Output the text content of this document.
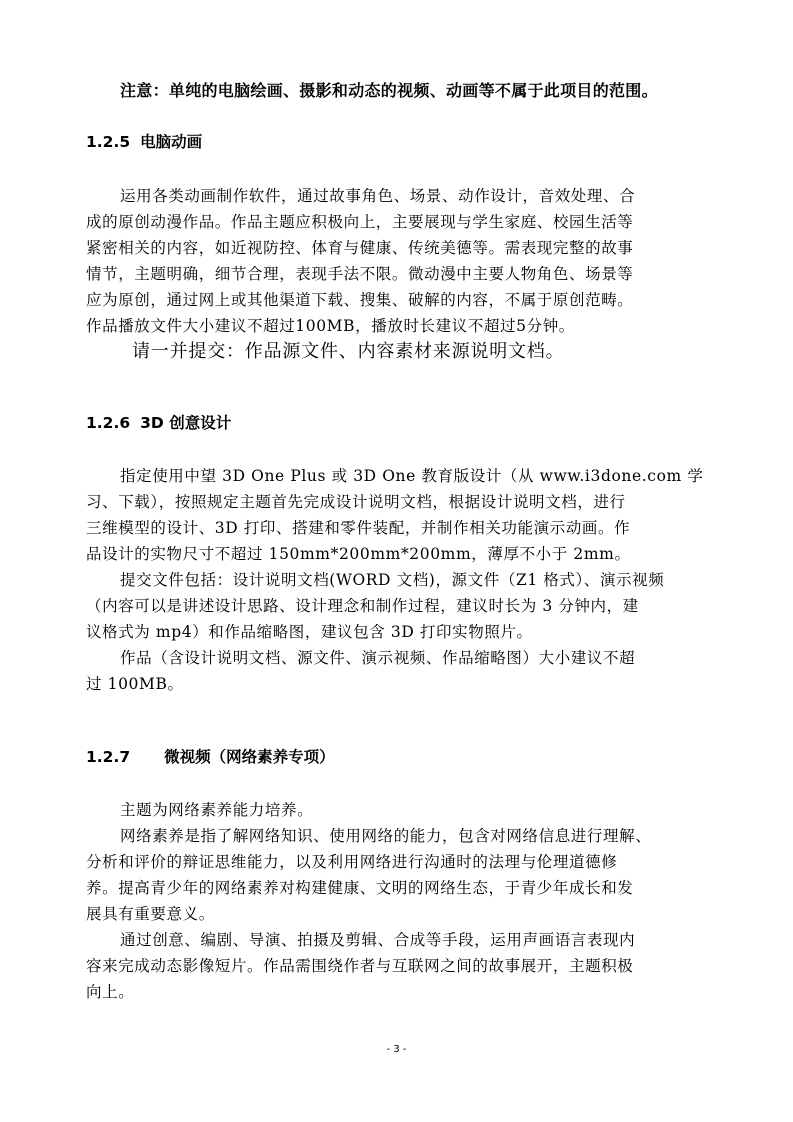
注意：单纯的电脑绘画、摄影和动态的视频、动画等不属于此项目的范围。
1.2.5 电脑动画
运用各类动画制作软件，通过故事角色、场景、动作设计，音效处理、合
成的原创动漫作品。作品主题应积极向上，主要展现与学生家庭、校园生活等
紧密相关的内容，如近视防控、体育与健康、传统美德等。需表现完整的故事
情节，主题明确，细节合理，表现手法不限。微动漫中主要人物角色、场景等
应为原创，通过网上或其他渠道下载、搜集、破解的内容，不属于原创范畴。
作品播放文件大小建议不超过100MB，播放时长建议不超过5分钟。
请一并提交：作品源文件、内容素材来源说明文档。
1.2.6 3D 创意设计
指定使用中望 3D One Plus 或 3D One 教育版设计（从 www.i3done.com 学
习、下载），按照规定主题首先完成设计说明文档，根据设计说明文档，进行
三维模型的设计、3D 打印、搭建和零件装配，并制作相关功能演示动画。作
品设计的实物尺寸不超过 150mm*200mm*200mm，薄厚不小于 2mm。
提交文件包括：设计说明文档(WORD 文档)，源文件（Z1 格式）、演示视频
（内容可以是讲述设计思路、设计理念和制作过程，建议时长为 3 分钟内，建
议格式为 mp4）和作品缩略图，建议包含 3D 打印实物照片。
作品（含设计说明文档、源文件、演示视频、作品缩略图）大小建议不超
过 100MB。
1.2.7 微视频（网络素养专项）
主题为网络素养能力培养。
网络素养是指了解网络知识、使用网络的能力，包含对网络信息进行理解、
分析和评价的辩证思维能力，以及利用网络进行沟通时的法理与伦理道德修
养。提高青少年的网络素养对构建健康、文明的网络生态，于青少年成长和发
展具有重要意义。
通过创意、编剧、导演、拍摄及剪辑、合成等手段，运用声画语言表现内
容来完成动态影像短片。作品需围绕作者与互联网之间的故事展开，主题积极
向上。
- 3 -
